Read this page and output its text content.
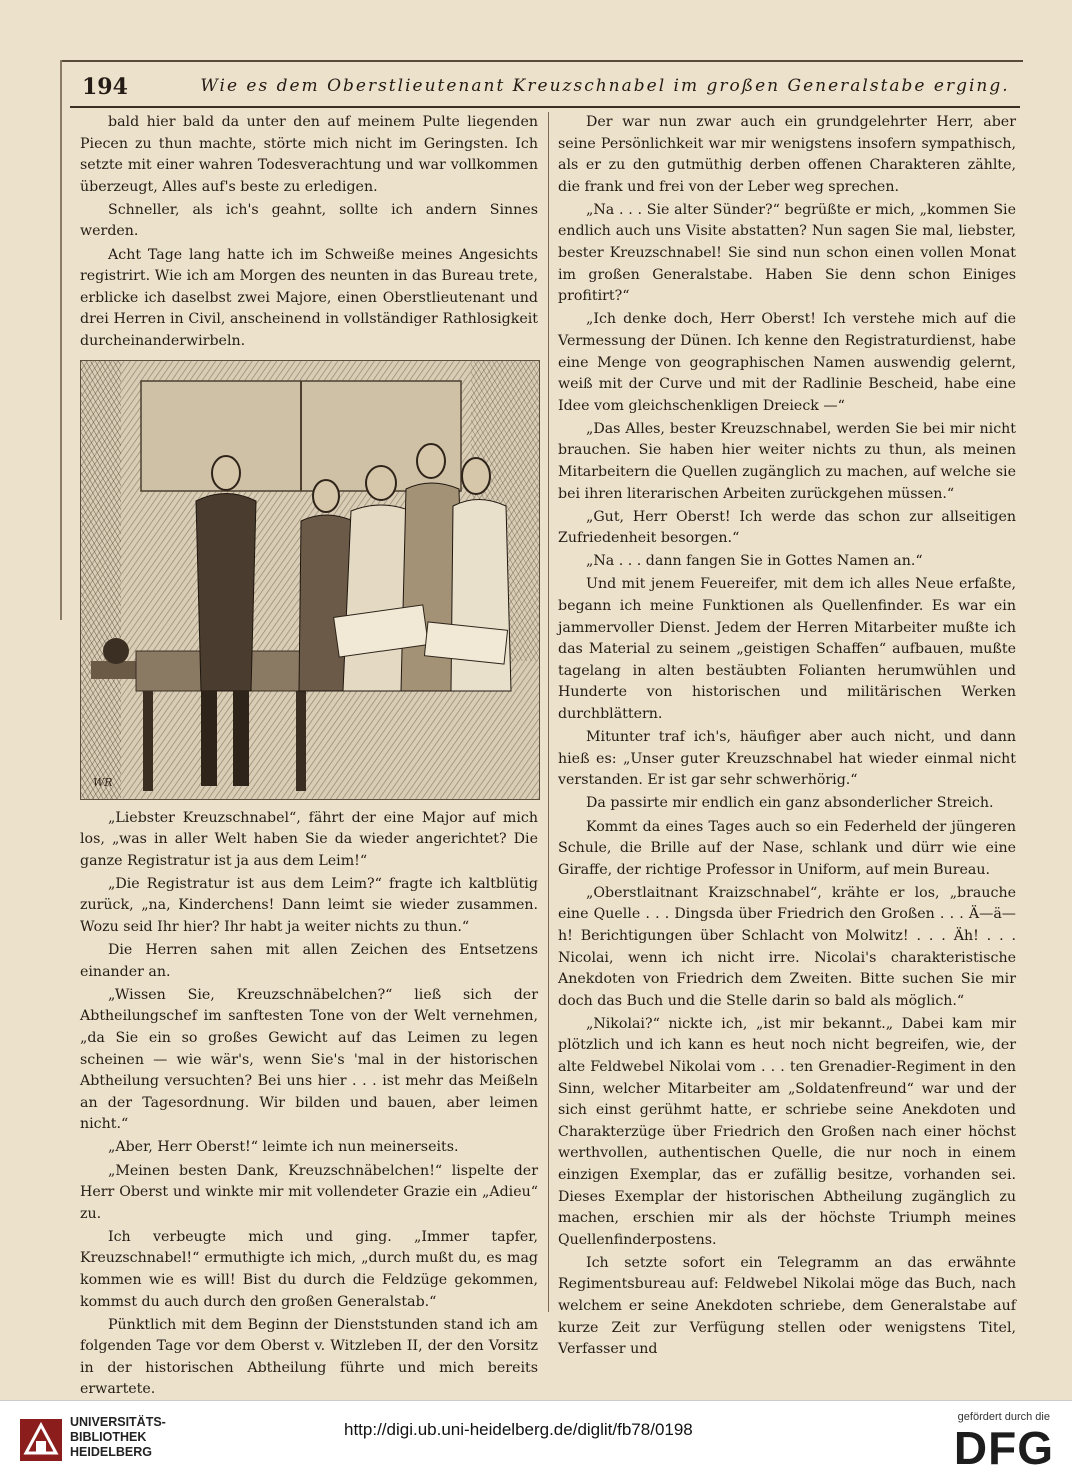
194	Wie es dem Oberstlieutenant Kreuzschnabel im großen Generalstabe erging.

bald hier bald da unter den auf meinem Pulte liegenden Piecen zu thun machte, störte mich nicht im Geringsten. Ich setzte mit einer wahren Todesverachtung und war vollkommen überzeugt, Alles auf's beste zu erledigen.

Schneller, als ich's geahnt, sollte ich andern Sinnes werden.

Acht Tage lang hatte ich im Schweiße meines Angesichts registrirt. Wie ich am Morgen des neunten in das Bureau trete, erblicke ich daselbst zwei Majore, einen Oberstlieutenant und drei Herren in Civil, anscheinend in vollständiger Rathlosigkeit durcheinanderwirbeln.

WR

„Liebster Kreuzschnabel“, fährt der eine Major auf mich los, „was in aller Welt haben Sie da wieder angerichtet? Die ganze Registratur ist ja aus dem Leim!“

„Die Registratur ist aus dem Leim?“ fragte ich kaltblütig zurück, „na, Kinderchens! Dann leimt sie wieder zusammen. Wozu seid Ihr hier? Ihr habt ja weiter nichts zu thun.“

Die Herren sahen mit allen Zeichen des Entsetzens einander an.

„Wissen Sie, Kreuzschnäbelchen?“ ließ sich der Abtheilungschef im sanftesten Tone von der Welt vernehmen, „da Sie ein so großes Gewicht auf das Leimen zu legen scheinen — wie wär's, wenn Sie's 'mal in der historischen Abtheilung versuchten? Bei uns hier . . . ist mehr das Meißeln an der Tagesordnung. Wir bilden und bauen, aber leimen nicht.“

„Aber, Herr Oberst!“ leimte ich nun meinerseits.

„Meinen besten Dank, Kreuzschnäbelchen!“ lispelte der Herr Oberst und winkte mir mit vollendeter Grazie ein „Adieu“ zu.

Ich verbeugte mich und ging. „Immer tapfer, Kreuzschnabel!“ ermuthigte ich mich, „durch mußt du, es mag kommen wie es will! Bist du durch die Feldzüge gekommen, kommst du auch durch den großen Generalstab.“

Pünktlich mit dem Beginn der Dienststunden stand ich am folgenden Tage vor dem Oberst v. Witzleben II, der den Vorsitz in der historischen Abtheilung führte und mich bereits erwartete.

Der war nun zwar auch ein grundgelehrter Herr, aber seine Persönlichkeit war mir wenigstens insofern sympathisch, als er zu den gutmüthig derben offenen Charakteren zählte, die frank und frei von der Leber weg sprechen.

„Na . . . Sie alter Sünder?“ begrüßte er mich, „kommen Sie endlich auch uns Visite abstatten? Nun sagen Sie mal, liebster, bester Kreuzschnabel! Sie sind nun schon einen vollen Monat im großen Generalstabe. Haben Sie denn schon Einiges profitirt?“

„Ich denke doch, Herr Oberst! Ich verstehe mich auf die Vermessung der Dünen. Ich kenne den Registraturdienst, habe eine Menge von geographischen Namen auswendig gelernt, weiß mit der Curve und mit der Radlinie Bescheid, habe eine Idee vom gleichschenkligen Dreieck —“

„Das Alles, bester Kreuzschnabel, werden Sie bei mir nicht brauchen. Sie haben hier weiter nichts zu thun, als meinen Mitarbeitern die Quellen zugänglich zu machen, auf welche sie bei ihren literarischen Arbeiten zurückgehen müssen.“

„Gut, Herr Oberst! Ich werde das schon zur allseitigen Zufriedenheit besorgen.“

„Na . . . dann fangen Sie in Gottes Namen an.“

Und mit jenem Feuereifer, mit dem ich alles Neue erfaßte, begann ich meine Funktionen als Quellenfinder. Es war ein jammervoller Dienst. Jedem der Herren Mitarbeiter mußte ich das Material zu seinem „geistigen Schaffen“ aufbauen, mußte tagelang in alten bestäubten Folianten herumwühlen und Hunderte von historischen und militärischen Werken durchblättern.

Mitunter traf ich's, häufiger aber auch nicht, und dann hieß es: „Unser guter Kreuzschnabel hat wieder einmal nicht verstanden. Er ist gar sehr schwerhörig.“

Da passirte mir endlich ein ganz absonderlicher Streich.

Kommt da eines Tages auch so ein Federheld der jüngeren Schule, die Brille auf der Nase, schlank und dürr wie eine Giraffe, der richtige Professor in Uniform, auf mein Bureau.

„Oberstlaitnant Kraizschnabel“, krähte er los, „brauche eine Quelle . . . Dingsda über Friedrich den Großen . . . Ä—ä—h! Berichtigungen über Schlacht von Molwitz! . . . Äh! . . . Nicolai, wenn ich nicht irre. Nicolai's charakteristische Anekdoten von Friedrich dem Zweiten. Bitte suchen Sie mir doch das Buch und die Stelle darin so bald als möglich.“

„Nikolai?“ nickte ich, „ist mir bekannt.„ Dabei kam mir plötzlich und ich kann es heut noch nicht begreifen, wie, der alte Feldwebel Nikolai vom . . . ten Grenadier-Regiment in den Sinn, welcher Mitarbeiter am „Soldatenfreund“ war und der sich einst gerühmt hatte, er schriebe seine Anekdoten und Charakterzüge über Friedrich den Großen nach einer höchst werthvollen, authentischen Quelle, die nur noch in einem einzigen Exemplar, das er zufällig besitze, vorhanden sei. Dieses Exemplar der historischen Abtheilung zugänglich zu machen, erschien mir als der höchste Triumph meines Quellenfinderpostens.

Ich setzte sofort ein Telegramm an das erwähnte Regimentsbureau auf: Feldwebel Nikolai möge das Buch, nach welchem er seine Anekdoten schriebe, dem Generalstabe auf kurze Zeit zur Verfügung stellen oder wenigstens Titel, Verfasser und

UNIVERSITÄTS-
BIBLIOTHEK
HEIDELBERG
http://digi.ub.uni-heidelberg.de/diglit/fb78/0198
gefördert durch die
DFG
